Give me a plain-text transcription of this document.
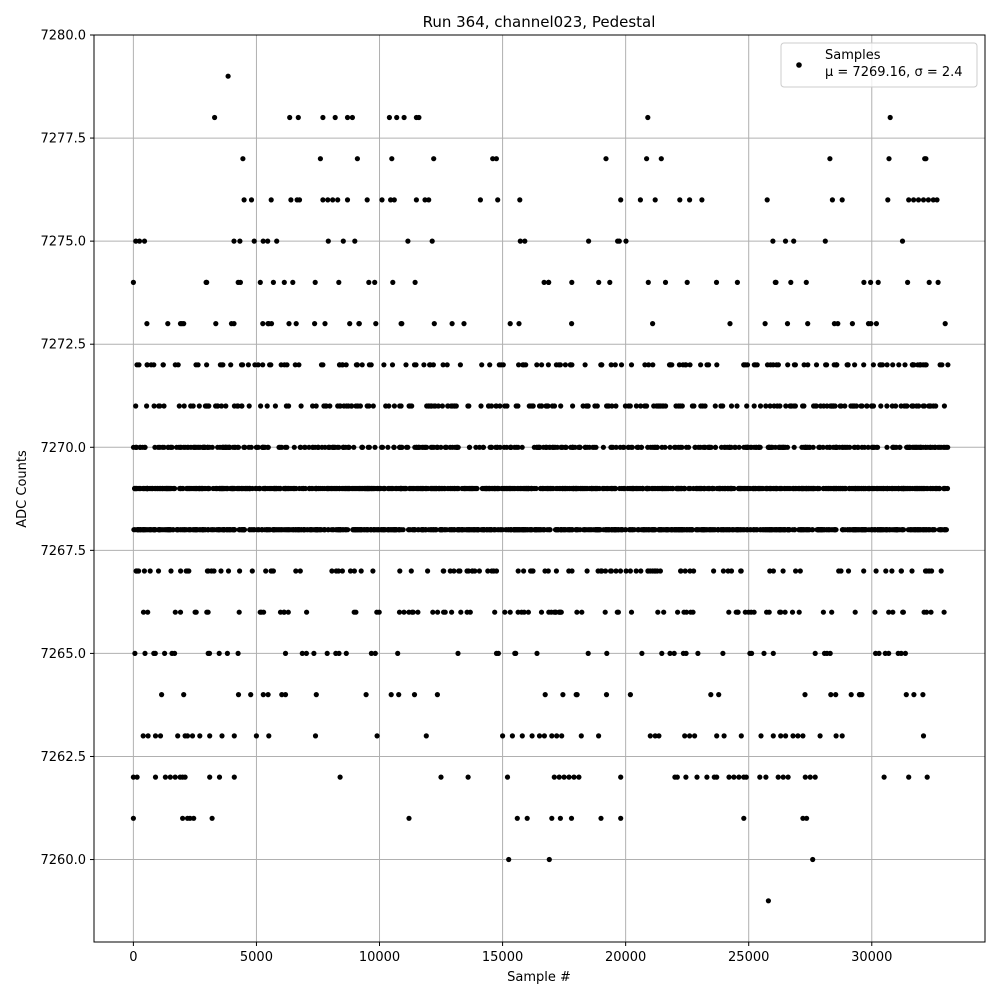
Run 364, channel023, Pedestal
0	5000	10000	15000	20000	25000	30000
7260.0
7262.5
7265.0
7267.5
7270.0
7272.5
7275.0
7277.5
7280.0
Sample #
ADC Counts
Samples
μ = 7269.16, σ = 2.4
